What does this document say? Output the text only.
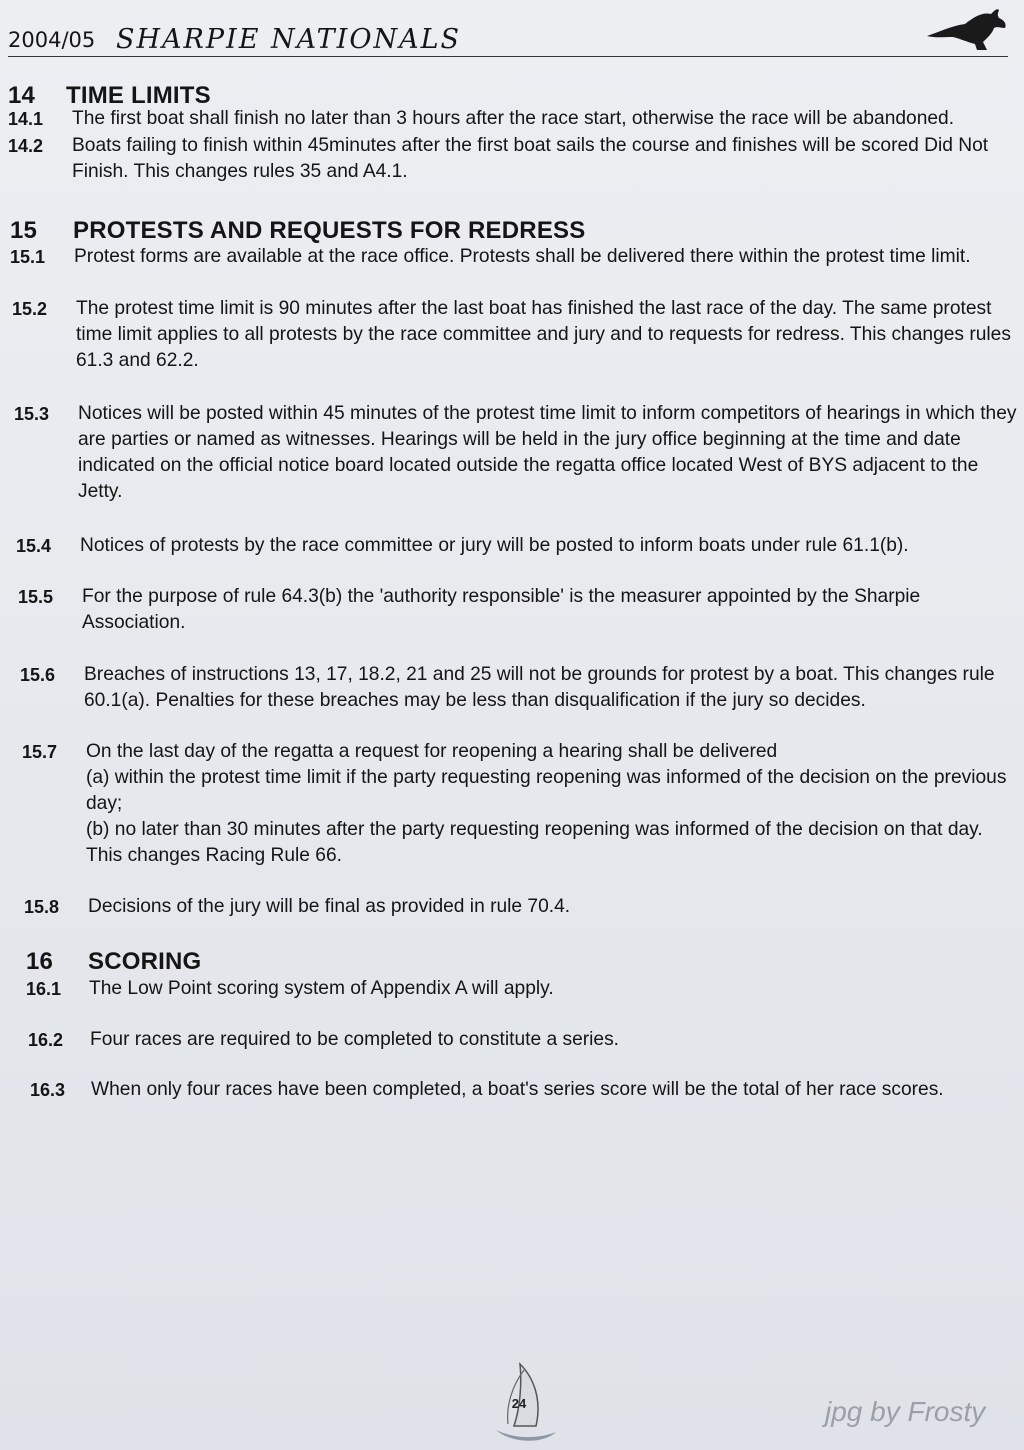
2004/05 SHARPIE NATIONALS
14	TIME LIMITS
14.1	The first boat shall finish no later than 3 hours after the race start, otherwise the race will be abandoned.
14.2	Boats failing to finish within 45minutes after the first boat sails the course and finishes will be scored Did Not
Finish. This changes rules 35 and A4.1.
15	PROTESTS AND REQUESTS FOR REDRESS
15.1	Protest forms are available at the race office. Protests shall be delivered there within the protest time limit.
15.2	The protest time limit is 90 minutes after the last boat has finished the last race of the day. The same protest
time limit applies to all protests by the race committee and jury and to requests for redress. This changes rules
61.3 and 62.2.
15.3	Notices will be posted within 45 minutes of the protest time limit to inform competitors of hearings in which they
are parties or named as witnesses. Hearings will be held in the jury office beginning at the time and date
indicated on the official notice board located outside the regatta office located West of BYS adjacent to the
Jetty.
15.4	Notices of protests by the race committee or jury will be posted to inform boats under rule 61.1(b).
15.5	For the purpose of rule 64.3(b) the 'authority responsible' is the measurer appointed by the Sharpie
Association.
15.6	Breaches of instructions 13, 17, 18.2, 21 and 25 will not be grounds for protest by a boat. This changes rule
60.1(a). Penalties for these breaches may be less than disqualification if the jury so decides.
15.7	On the last day of the regatta a request for reopening a hearing shall be delivered
(a) within the protest time limit if the party requesting reopening was informed of the decision on the previous
day;
(b) no later than 30 minutes after the party requesting reopening was informed of the decision on that day.
This changes Racing Rule 66.
15.8	Decisions of the jury will be final as provided in rule 70.4.
16	SCORING
16.1	The Low Point scoring system of Appendix A will apply.
16.2	Four races are required to be completed to constitute a series.
16.3	When only four races have been completed, a boat's series score will be the total of her race scores.
24	jpg by Frosty
